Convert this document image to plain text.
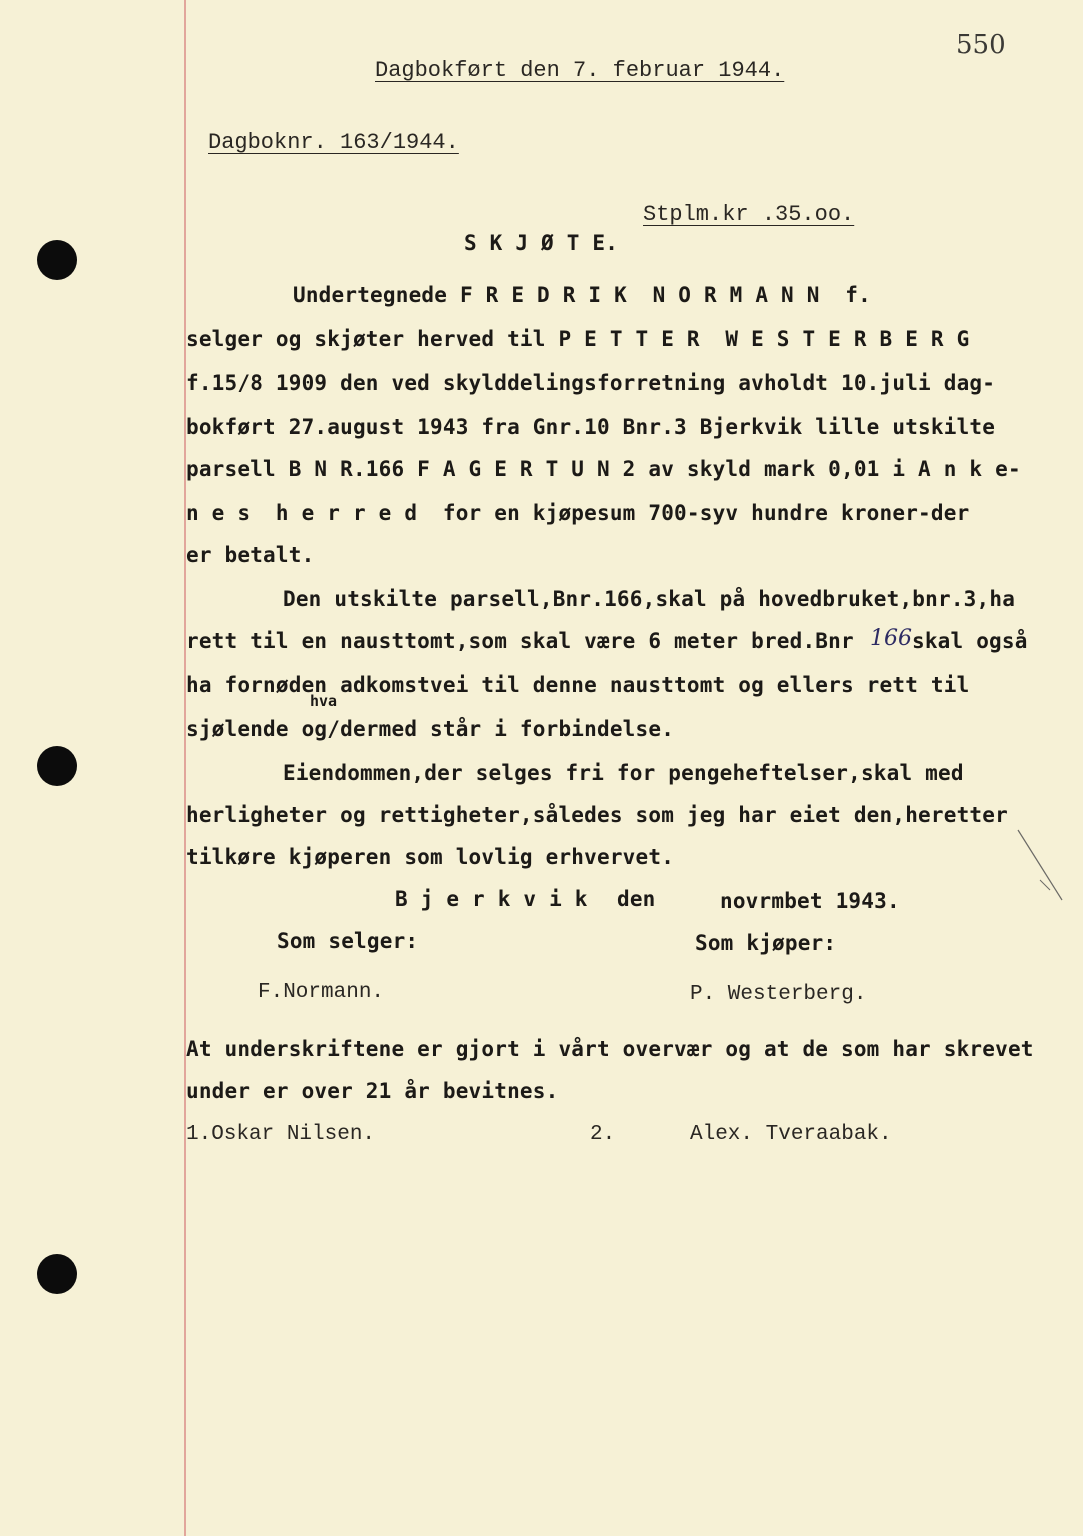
550
Dagbokført den 7. februar 1944.
Dagboknr. 163/1944.
Stplm.kr .35.oo.
S K J Ø T E.
Undertegnede F R E D R I K  N O R M A N N  f.
selger og skjøter herved til P E T T E R  W E S T E R B E R G
f.15/8 1909 den ved skylddelingsforretning avholdt 10.juli dag-
bokført 27.august 1943 fra Gnr.10 Bnr.3 Bjerkvik lille utskilte
parsell B N R.166 F A G E R T U N 2 av skyld mark 0,01 i A n k e-
n e s  h e r r e d  for en kjøpesum 700-syv hundre kroner-der
er betalt.
Den utskilte parsell,Bnr.166,skal på hovedbruket,bnr.3,ha
rett til en nausttomt,som skal være 6 meter bred.Bnr 166 skal også
ha fornøden adkomstvei til denne nausttomt og ellers rett til
hva
sjølende og/dermed står i forbindelse.
Eiendommen,der selges fri for pengeheftelser,skal med
herligheter og rettigheter,således som jeg har eiet den,heretter
tilkøre kjøperen som lovlig erhvervet.
B j e r k v i k den	novrmbet 1943.
Som selger:	Som kjøper:
F.Normann.	P. Westerberg.
At underskriftene er gjort i vårt overvær og at de som har skrevet
under er over 21 år bevitnes.
1.Oskar Nilsen.	2.	Alex. Tveraabak.
